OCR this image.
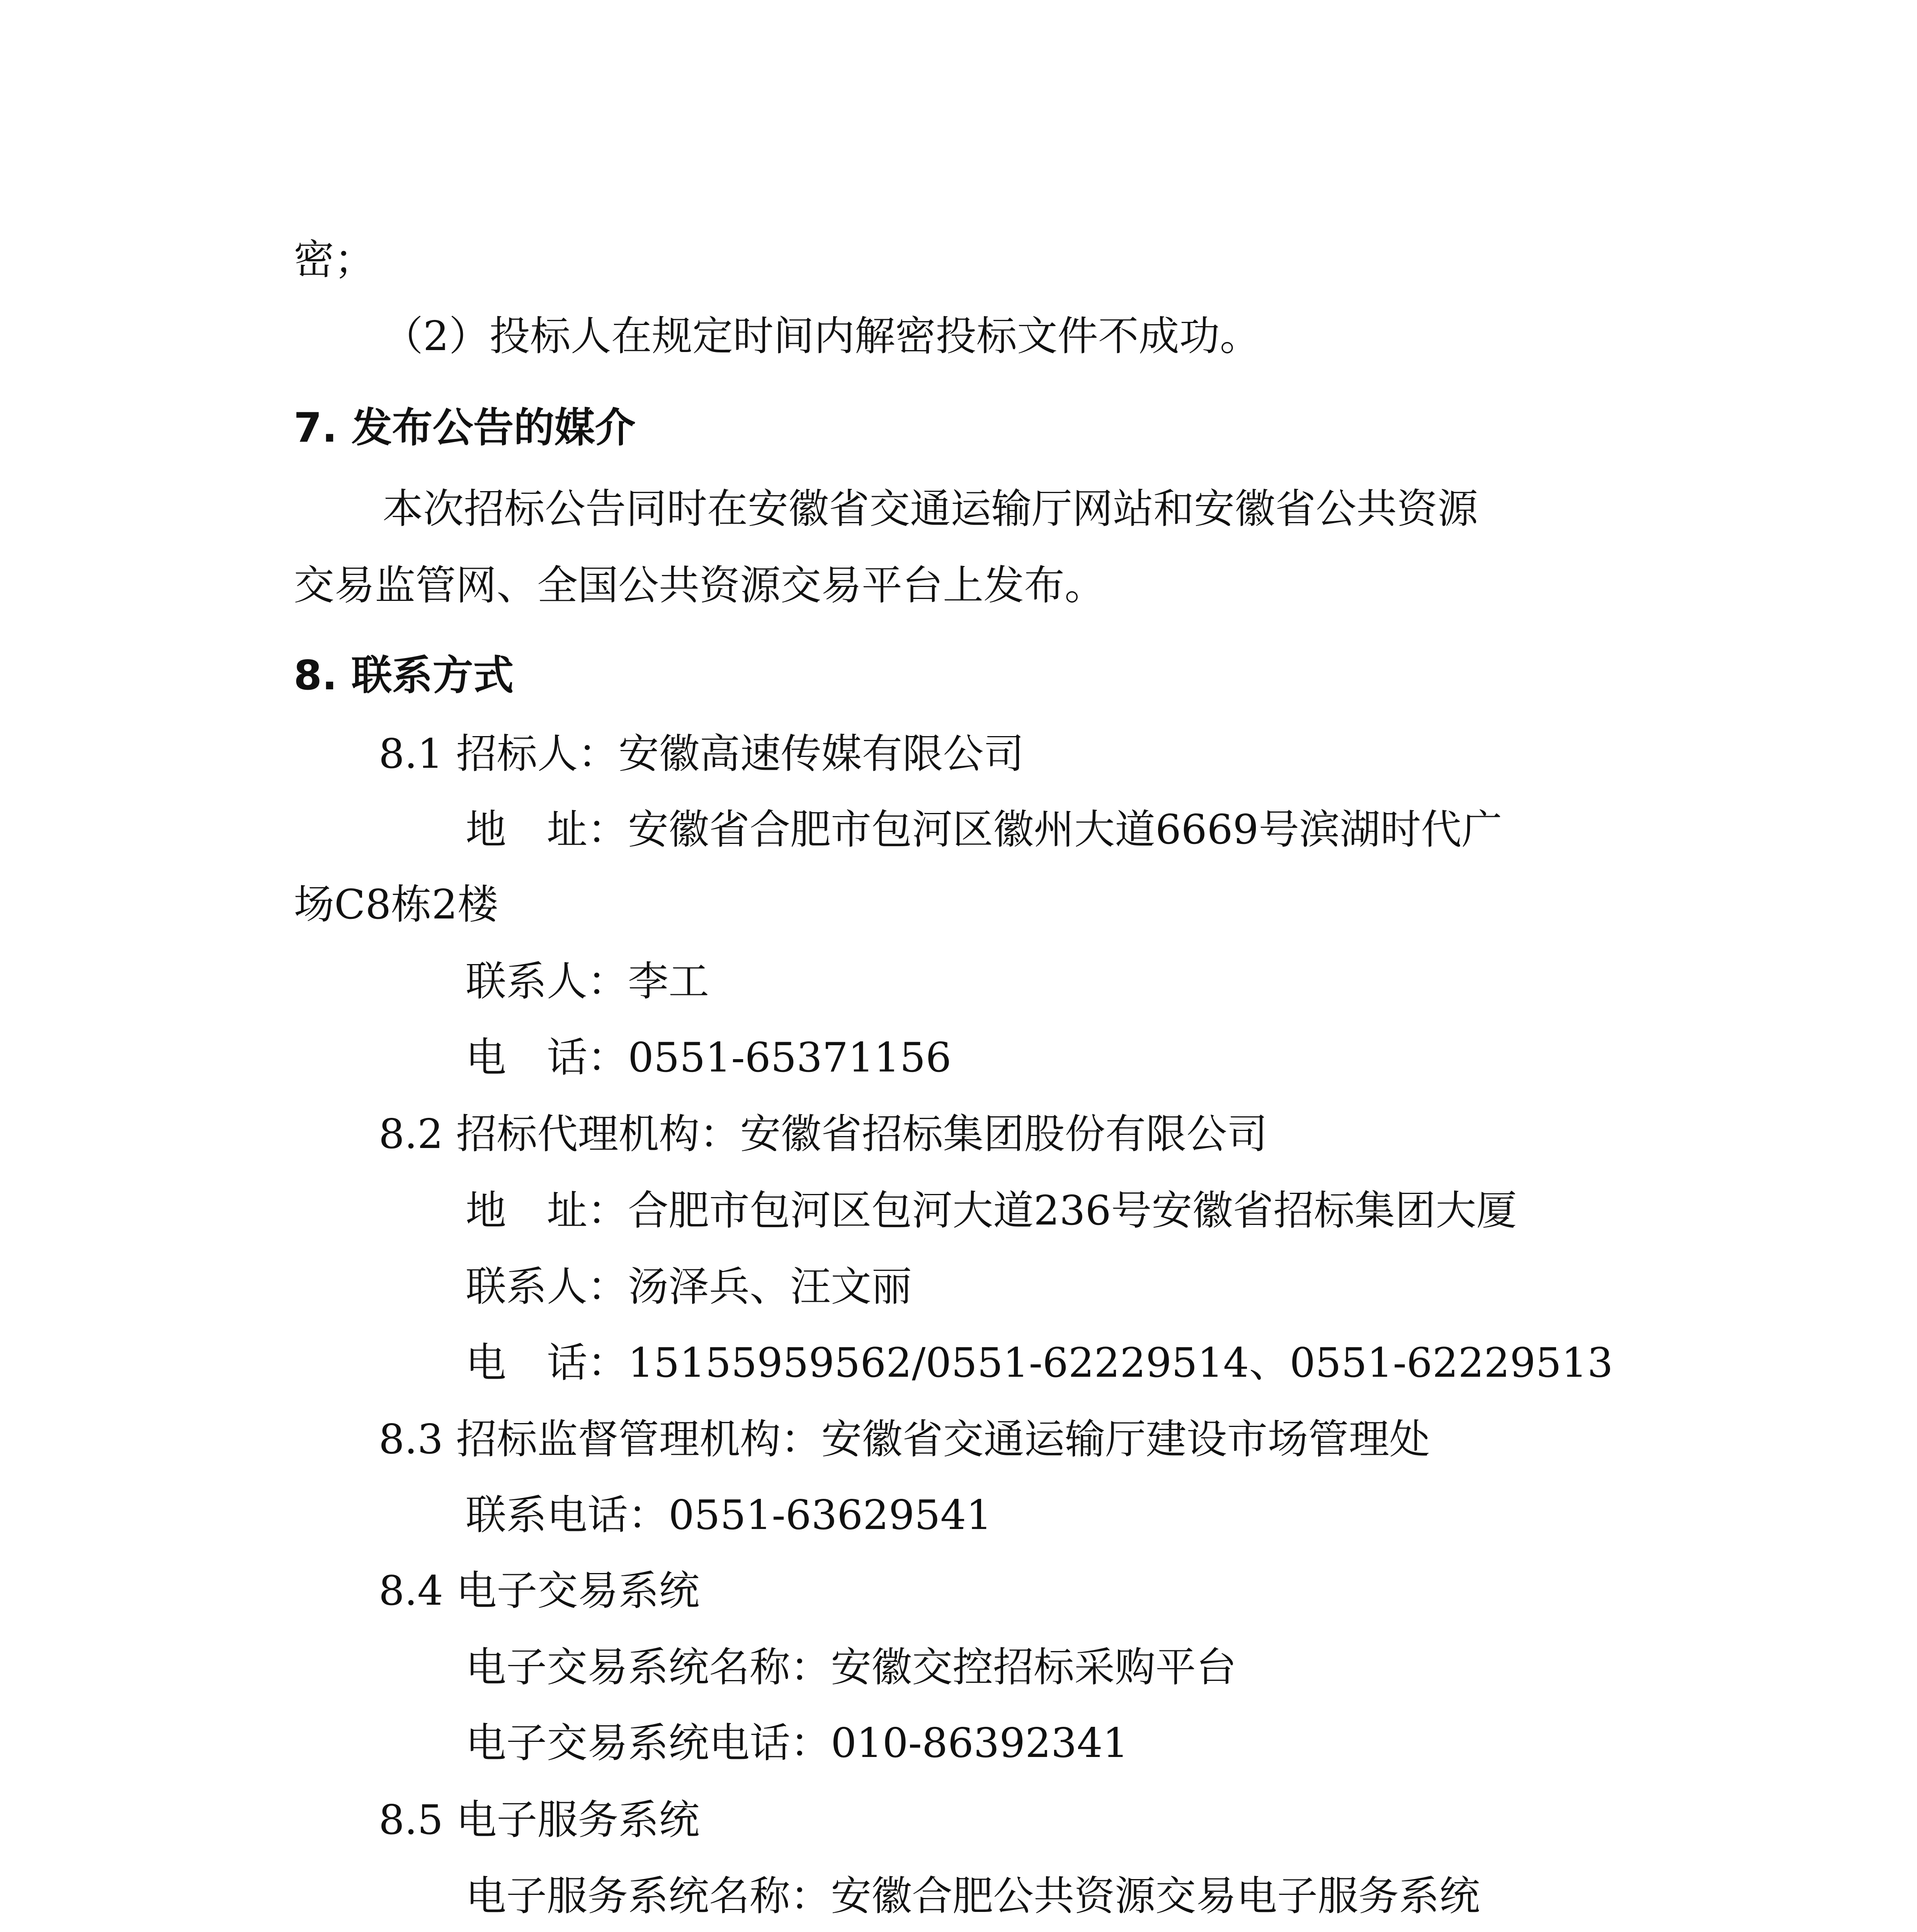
密；

（2）投标人在规定时间内解密投标文件不成功。

7. 发布公告的媒介

本次招标公告同时在安徽省交通运输厅网站和安徽省公共资源

交易监管网、全国公共资源交易平台上发布。

8. 联系方式

8.1 招标人：安徽高速传媒有限公司

地　址：安徽省合肥市包河区徽州大道6669号滨湖时代广

场C8栋2楼

联系人：李工

电　话：0551-65371156

8.2 招标代理机构：安徽省招标集团股份有限公司

地　址：合肥市包河区包河大道236号安徽省招标集团大厦

联系人：汤泽兵、汪文丽

电　话：15155959562/0551-62229514、0551-62229513

8.3 招标监督管理机构：安徽省交通运输厅建设市场管理处

联系电话：0551-63629541

8.4 电子交易系统

电子交易系统名称：安徽交控招标采购平台

电子交易系统电话：010-86392341

8.5 电子服务系统

电子服务系统名称：安徽合肥公共资源交易电子服务系统
